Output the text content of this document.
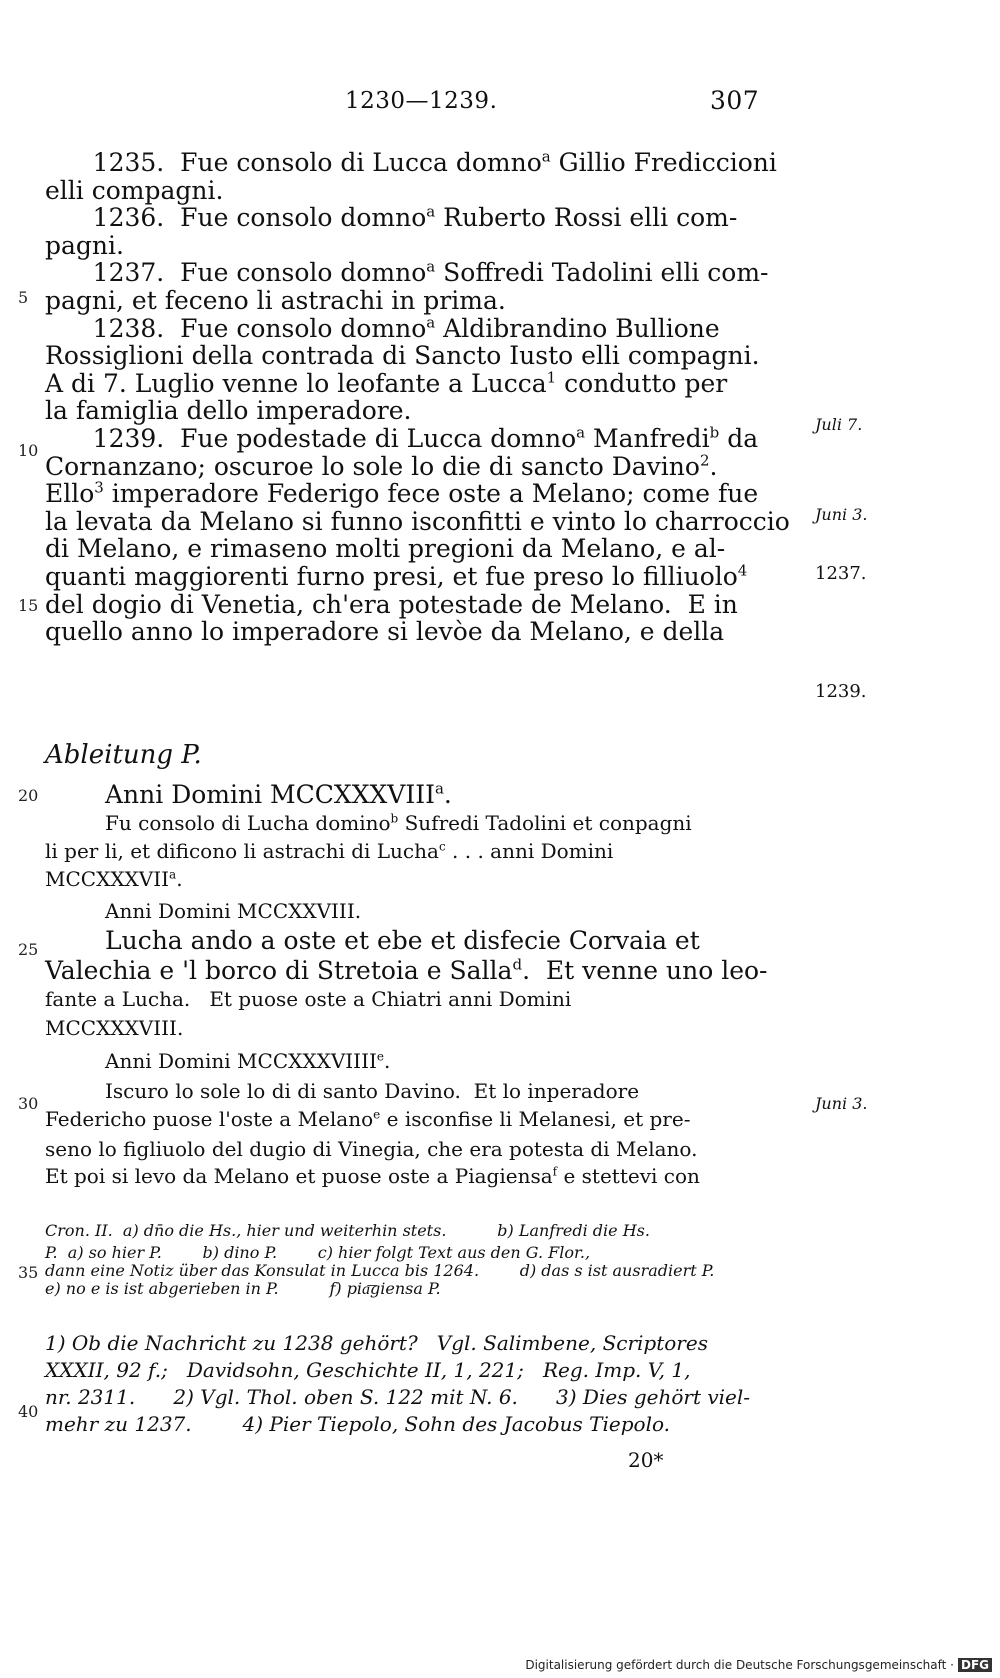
1230—1239.	307
1235.  Fue consolo di Lucca domno$^a$ Gillio Frediccioni
elli compagni.
1236.  Fue consolo domno$^a$ Ruberto Rossi elli com-
pagni.
1237.  Fue consolo domno$^a$ Soffredi Tadolini elli com-
pagni, et feceno li astrachi in prima.
1238.  Fue consolo domno$^a$ Aldibrandino Bullione
Rossiglioni della contrada di Sancto Iusto elli compagni.
A di 7. Luglio venne lo leofante a Lucca$^1$ condutto per
la famiglia dello imperadore.
1239.  Fue podestade di Lucca domno$^a$ Manfredi$^b$ da
Cornanzano; oscuroe lo sole lo die di sancto Davino$^2$.
Ello$^3$ imperadore Federigo fece oste a Melano; come fue
la levata da Melano si funno isconfitti e vinto lo charroccio
di Melano, e rimaseno molti pregioni da Melano, e al-
quanti maggiorenti furno presi, et fue preso lo filliuolo$^4$
del dogio di Venetia, ch'era potestade de Melano.  E in
quello anno lo imperadore si levòe da Melano, e della
Ableitung P.
Anni Domini MCCXXXVIII$^a$.
Fu consolo di Lucha domino$^b$ Sufredi Tadolini et conpagni
li per li, et dificono li astrachi di Lucha$^c$ . . . anni Domini
MCCXXXVII$^a$.
Anni Domini MCCXXVIII.
Lucha ando a oste et ebe et disfecie Corvaia et
Valechia e 'l borco di Stretoia e Salla$^d$.  Et venne uno leo-
fante a Lucha.   Et puose oste a Chiatri anni Domini
MCCXXXVIII.
Anni Domini MCCXXXVIIIIe.
Iscuro lo sole lo di di santo Davino.  Et lo inperadore
Federicho puose l'oste a Melano$^e$ e isconfise li Melanesi, et pre-
seno lo figliuolo del dugio di Vinegia, che era potesta di Melano.
Et poi si levo da Melano et puose oste a Piagiensa$^f$ e stettevi con
Cron. II.  a) dn̄o die Hs., hier und weiterhin stets.          b) Lanfredi die Hs.
P.  a) so hier P.        b) dino P.        c) hier folgt Text aus den G. Flor.,
dann eine Notiz über das Konsulat in Lucca bis 1264.        d) das s ist ausradiert P.
e) no e is ist abgerieben in P.          f) pia͞giensa P.
1) Ob die Nachricht zu 1238 gehört?   Vgl. Salimbene, Scriptores
XXXII, 92 f.;   Davidsohn, Geschichte II, 1, 221;   Reg. Imp. V, 1,
nr. 2311.      2) Vgl. Thol. oben S. 122 mit N. 6.      3) Dies gehört viel-
mehr zu 1237.        4) Pier Tiepolo, Sohn des Jacobus Tiepolo.
20*
5
10
15
20
25
30
35
40
Juli 7.
Juni 3.
1237.
1239.
Juni 3.
Digitalisierung gefördert durch die Deutsche Forschungsgemeinschaft · DFG
